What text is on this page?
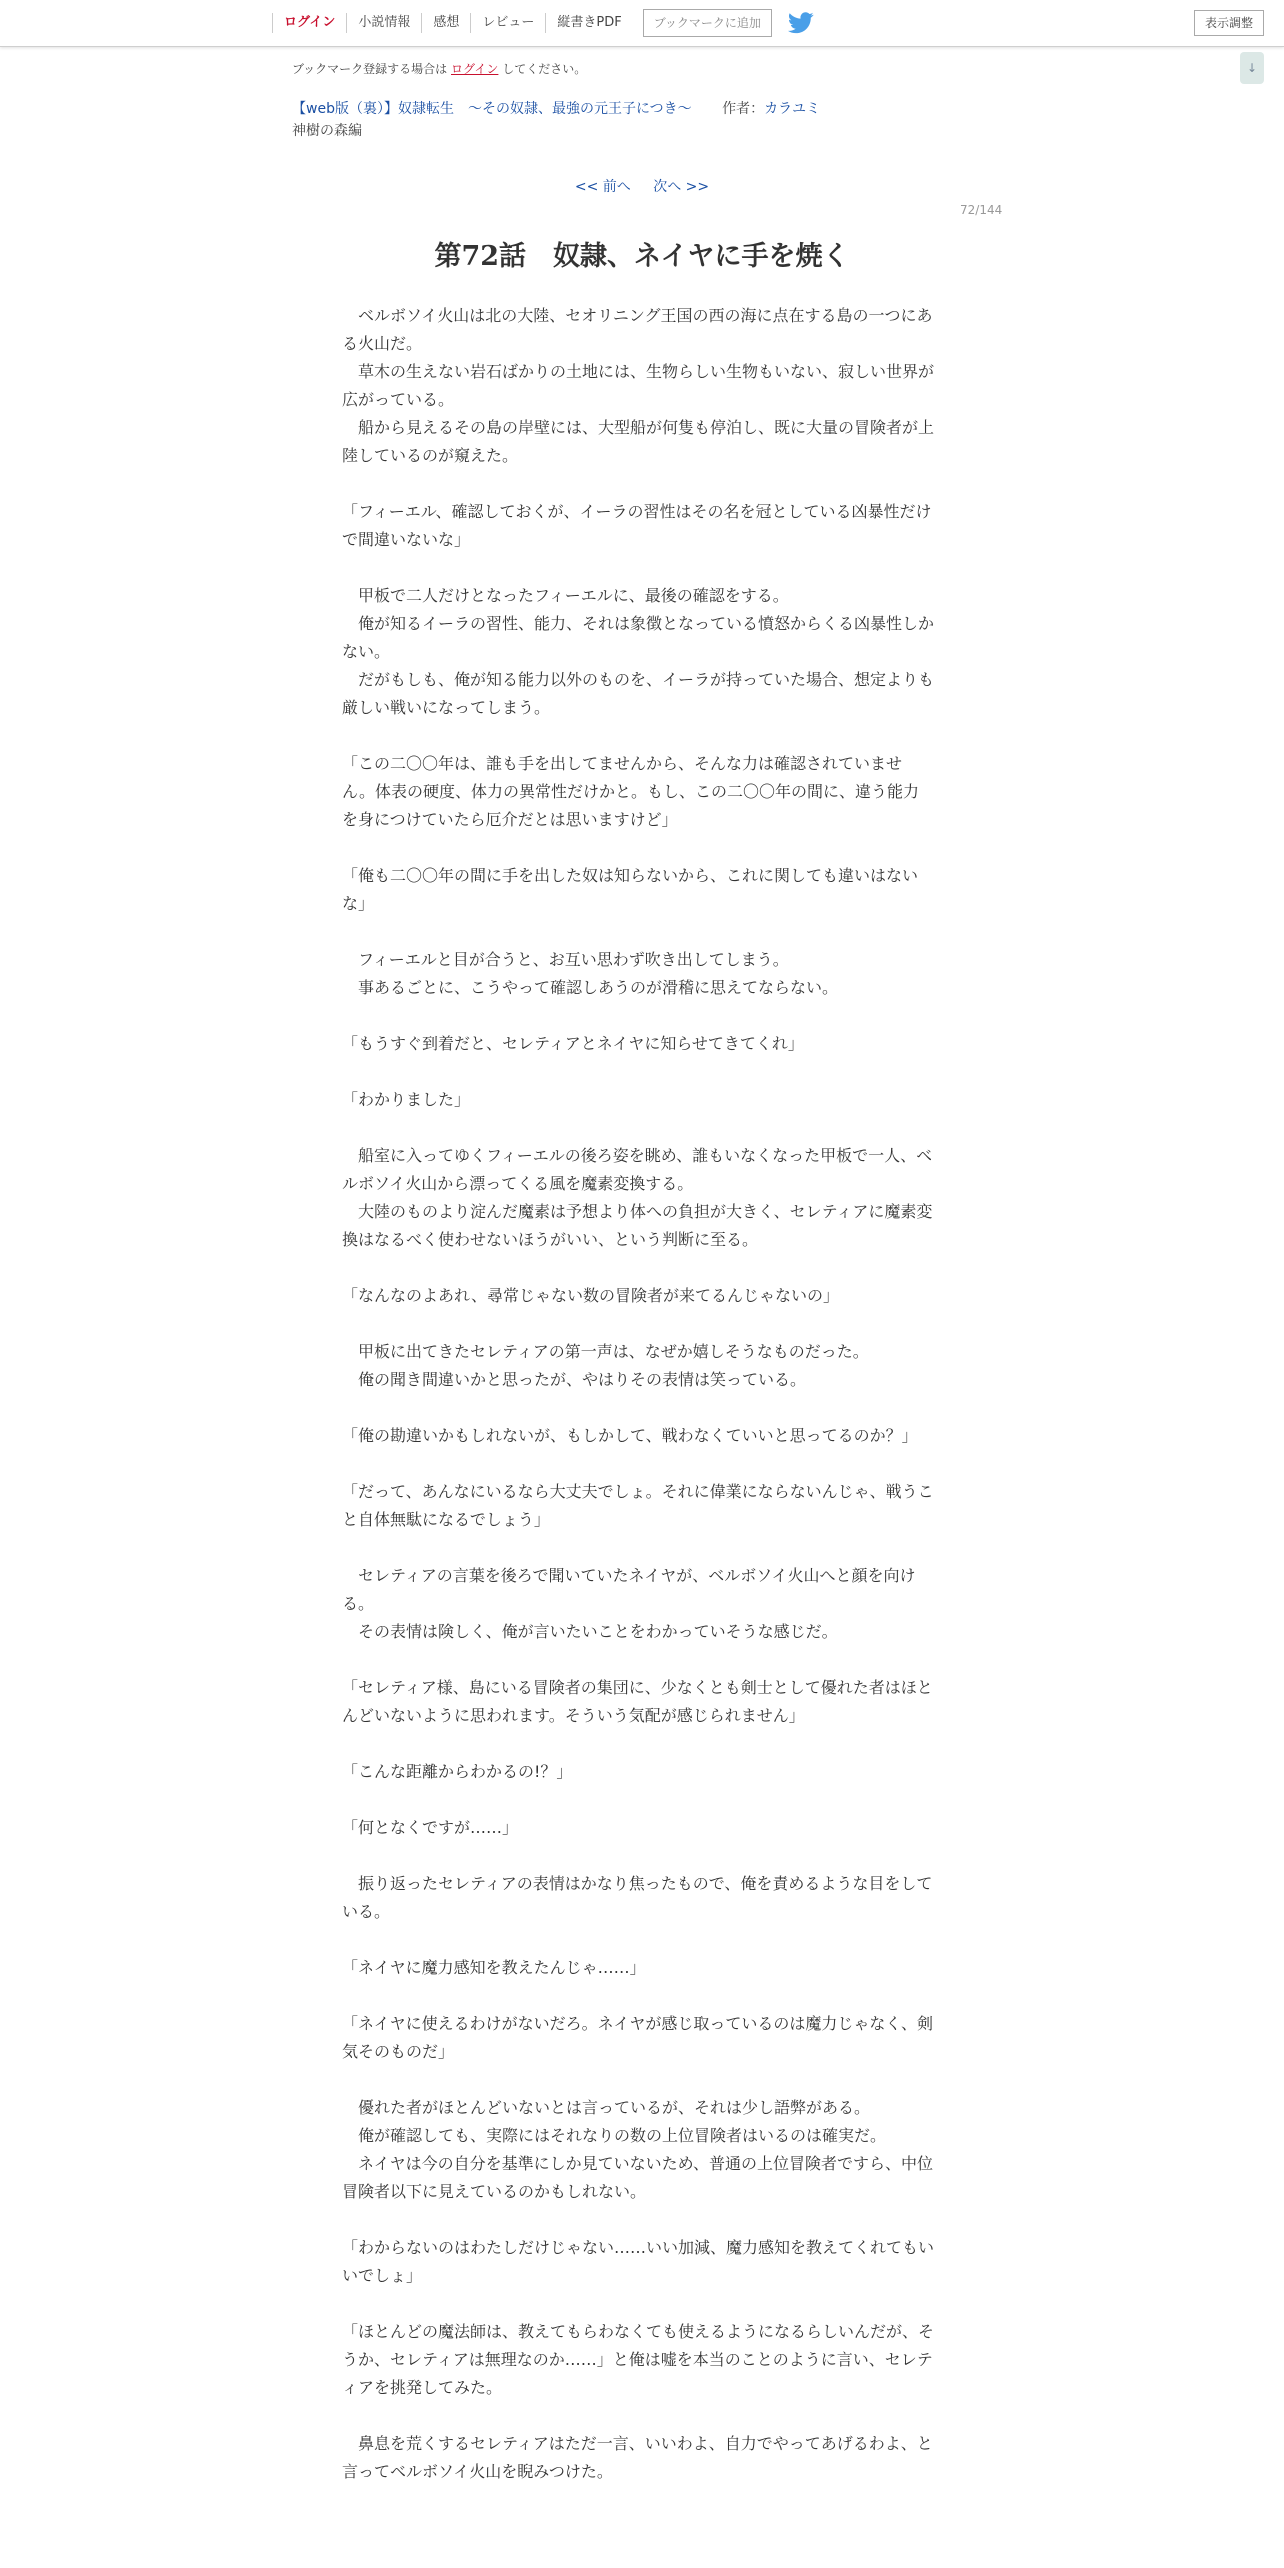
ログイン	小説情報	感想	レビュー	縦書きPDF	ブックマークに追加	表示調整
↓
ブックマーク登録する場合は ログイン してください。
【web版（裏）】奴隷転生　～その奴隷、最強の元王子につき～ 作者：カラユミ
神樹の森編
<< 前へ 次へ >>
72/144
第72話　奴隷、ネイヤに手を焼く

　ベルボソイ火山は北の大陸、セオリニング王国の西の海に点在する島の一つにある火山だ。

　草木の生えない岩石ばかりの土地には、生物らしい生物もいない、寂しい世界が広がっている。

　船から見えるその島の岸壁には、大型船が何隻も停泊し、既に大量の冒険者が上陸しているのが窺えた。

「フィーエル、確認しておくが、イーラの習性はその名を冠としている凶暴性だけで間違いないな」

　甲板で二人だけとなったフィーエルに、最後の確認をする。

　俺が知るイーラの習性、能力、それは象徴となっている憤怒からくる凶暴性しかない。

　だがもしも、俺が知る能力以外のものを、イーラが持っていた場合、想定よりも厳しい戦いになってしまう。

「この二〇〇年は、誰も手を出してませんから、そんな力は確認されていません。体表の硬度、体力の異常性だけかと。もし、この二〇〇年の間に、違う能力を身につけていたら厄介だとは思いますけど」

「俺も二〇〇年の間に手を出した奴は知らないから、これに関しても違いはないな」

　フィーエルと目が合うと、お互い思わず吹き出してしまう。

　事あるごとに、こうやって確認しあうのが滑稽に思えてならない。

「もうすぐ到着だと、セレティアとネイヤに知らせてきてくれ」

「わかりました」

　船室に入ってゆくフィーエルの後ろ姿を眺め、誰もいなくなった甲板で一人、ベルボソイ火山から漂ってくる風を魔素変換する。

　大陸のものより淀んだ魔素は予想より体への負担が大きく、セレティアに魔素変換はなるべく使わせないほうがいい、という判断に至る。

「なんなのよあれ、尋常じゃない数の冒険者が来てるんじゃないの」

　甲板に出てきたセレティアの第一声は、なぜか嬉しそうなものだった。

　俺の聞き間違いかと思ったが、やはりその表情は笑っている。

「俺の勘違いかもしれないが、もしかして、戦わなくていいと思ってるのか？」

「だって、あんなにいるなら大丈夫でしょ。それに偉業にならないんじゃ、戦うこと自体無駄になるでしょう」

　セレティアの言葉を後ろで聞いていたネイヤが、ベルボソイ火山へと顔を向ける。

　その表情は険しく、俺が言いたいことをわかっていそうな感じだ。

「セレティア様、島にいる冒険者の集団に、少なくとも剣士として優れた者はほとんどいないように思われます。そういう気配が感じられません」

「こんな距離からわかるの!？」

「何となくですが……」

　振り返ったセレティアの表情はかなり焦ったもので、俺を責めるような目をしている。

「ネイヤに魔力感知を教えたんじゃ……」

「ネイヤに使えるわけがないだろ。ネイヤが感じ取っているのは魔力じゃなく、剣気そのものだ」

　優れた者がほとんどいないとは言っているが、それは少し語弊がある。

　俺が確認しても、実際にはそれなりの数の上位冒険者はいるのは確実だ。

　ネイヤは今の自分を基準にしか見ていないため、普通の上位冒険者ですら、中位冒険者以下に見えているのかもしれない。

「わからないのはわたしだけじゃない……いい加減、魔力感知を教えてくれてもいいでしょ」

「ほとんどの魔法師は、教えてもらわなくても使えるようになるらしいんだが、そうか、セレティアは無理なのか……」と俺は嘘を本当のことのように言い、セレティアを挑発してみた。

　鼻息を荒くするセレティアはただ一言、いいわよ、自力でやってあげるわよ、と言ってベルボソイ火山を睨みつけた。
